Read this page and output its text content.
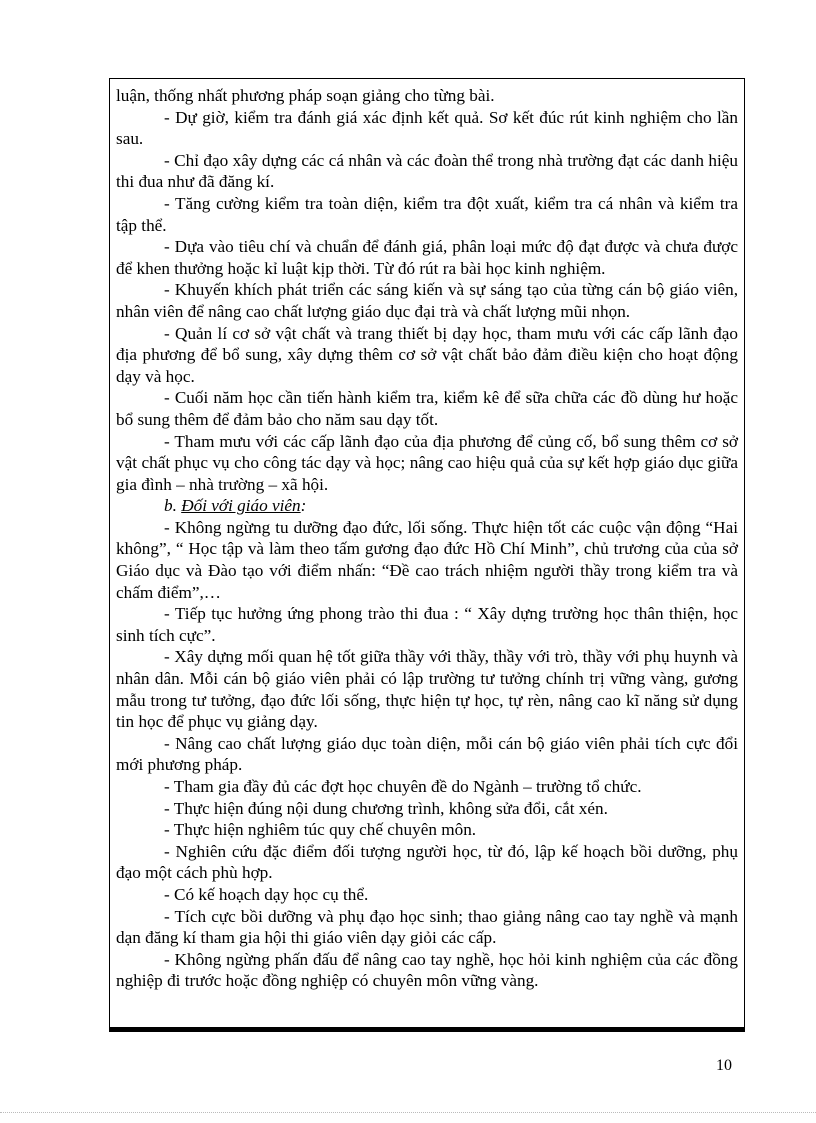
luận, thống nhất phương pháp soạn giảng cho từng bài.

- Dự giờ, kiểm tra đánh giá xác định kết quả. Sơ kết đúc rút kinh nghiệm cho lần sau.

- Chỉ đạo xây dựng các cá nhân và các đoàn thể trong nhà trường đạt các danh hiệu thi đua như đã đăng kí.

- Tăng cường kiểm tra toàn diện, kiểm tra đột xuất, kiểm tra cá nhân và kiểm tra tập thể.

- Dựa vào tiêu chí và chuẩn để đánh giá, phân loại mức độ đạt được và chưa được để khen thưởng hoặc kỉ luật kịp thời. Từ đó rút ra bài học kinh nghiệm.

- Khuyến khích phát triển các sáng kiến và sự sáng tạo của từng cán bộ giáo viên, nhân viên để nâng cao chất lượng giáo dục đại trà và chất lượng mũi nhọn.

- Quản lí cơ sở vật chất và trang thiết bị dạy học, tham mưu với các cấp lãnh đạo địa phương để bổ sung, xây dựng thêm cơ sở vật chất bảo đảm điều kiện cho hoạt động dạy và học.

- Cuối năm học cần tiến hành kiểm tra, kiểm kê để sữa chữa các đồ dùng hư hoặc bổ sung thêm để đảm bảo cho năm sau dạy tốt.

- Tham mưu với các cấp lãnh đạo của địa phương để củng cố, bổ sung thêm cơ sở vật chất phục vụ cho công tác dạy và học; nâng cao hiệu quả của sự kết hợp giáo dục giữa gia đình – nhà trường – xã hội.

b. Đối với giáo viên:

- Không ngừng tu dưỡng đạo đức, lối sống. Thực hiện tốt các cuộc vận động “Hai không”, “ Học tập và làm theo tấm gương đạo đức Hồ Chí Minh”, chủ trương của của sở Giáo dục và Đào tạo với điểm nhấn: “Đề cao trách nhiệm người thầy trong kiểm tra và chấm điểm”,…

- Tiếp tục hưởng ứng phong trào thi đua : “ Xây dựng trường học thân thiện, học sinh tích cực”.

- Xây dựng mối quan hệ tốt giữa thầy với thầy, thầy với trò, thầy với phụ huynh và nhân dân. Mỗi cán bộ giáo viên phải có lập trường tư tưởng chính trị vững vàng, gương mẫu trong tư tưởng, đạo đức lối sống, thực hiện tự học, tự rèn, nâng cao kĩ năng sử dụng tin học để phục vụ giảng dạy.

- Nâng cao chất lượng giáo dục toàn diện, mỗi cán bộ giáo viên phải tích cực đổi mới phương pháp.

- Tham gia đầy đủ các đợt học chuyên đề do Ngành – trường tổ chức.

- Thực hiện đúng nội dung chương trình, không sửa đổi, cắt xén.

- Thực hiện nghiêm túc quy chế chuyên môn.

- Nghiên cứu đặc điểm đối tượng người học, từ đó, lập kế hoạch bồi dưỡng, phụ đạo một cách phù hợp.

- Có kế hoạch dạy học cụ thể.

- Tích cực bồi dưỡng và phụ đạo học sinh; thao giảng nâng cao tay nghề và mạnh dạn đăng kí tham gia hội thi giáo viên dạy giỏi các cấp.

- Không ngừng phấn đấu để nâng cao tay nghề, học hỏi kinh nghiệm của các đồng nghiệp đi trước hoặc đồng nghiệp có chuyên môn vững vàng.

10
